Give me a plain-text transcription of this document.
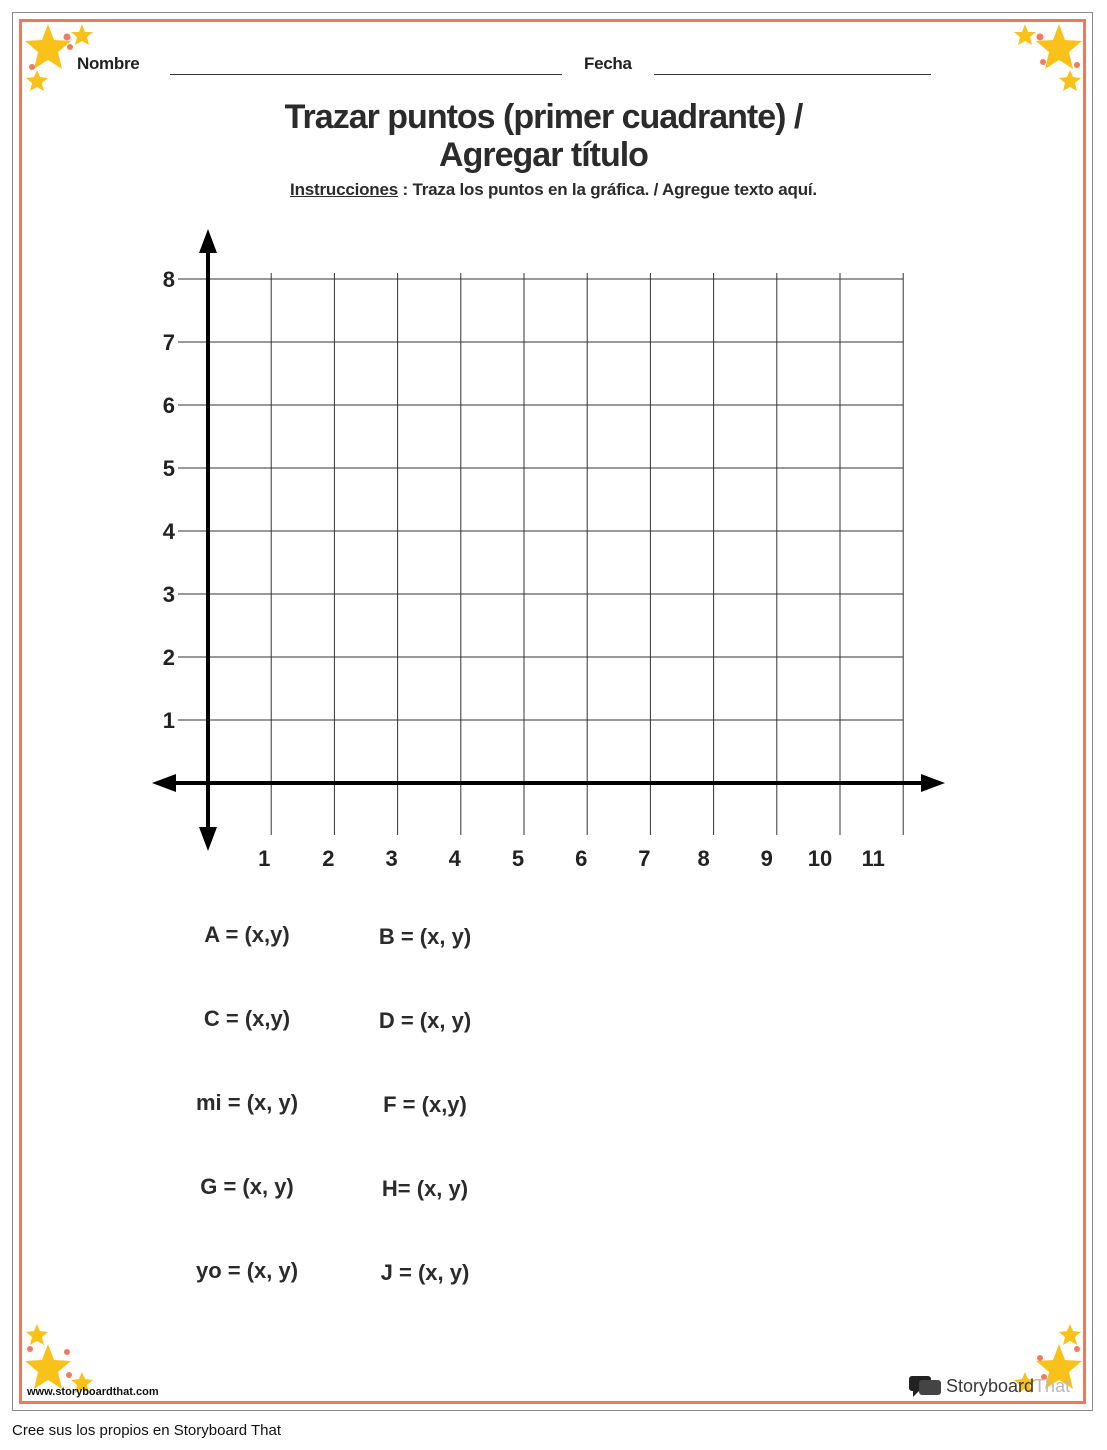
Nombre	Fecha
Trazar puntos (primer cuadrante) / Agregar título
Instrucciones : Traza los puntos en la gráfica. / Agregue texto aquí.
1 2 3 4 5 6 7 8 9 10 11
1
2
3
4
5
6
7
8
A = (x,y)	B = (x, y)
C = (x,y)	D = (x, y)
mi = (x, y)	F = (x,y)
G = (x, y)	H= (x, y)
yo = (x, y)	J = (x, y)
www.storyboardthat.com	StoryboardThat
Cree sus los propios en Storyboard That
